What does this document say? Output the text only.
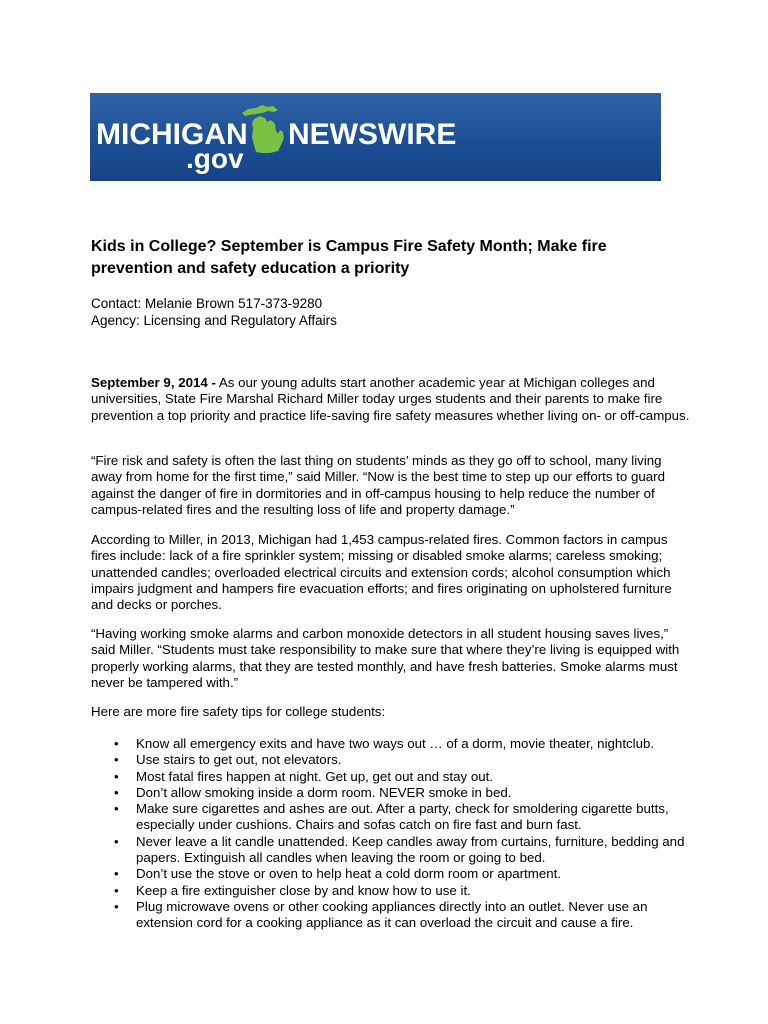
MICHIGAN
.gov
NEWSWIRE
Kids in College? September is Campus Fire Safety Month; Make fire prevention and safety education a priority
Contact: Melanie Brown 517-373-9280
Agency: Licensing and Regulatory Affairs

September 9, 2014 - As our young adults start another academic year at Michigan colleges and universities, State Fire Marshal Richard Miller today urges students and their parents to make fire prevention a top priority and practice life-saving fire safety measures whether living on- or off-campus.

“Fire risk and safety is often the last thing on students’ minds as they go off to school, many living away from home for the first time,” said Miller. “Now is the best time to step up our efforts to guard against the danger of fire in dormitories and in off-campus housing to help reduce the number of campus-related fires and the resulting loss of life and property damage.”

According to Miller, in 2013, Michigan had 1,453 campus-related fires. Common factors in campus fires include: lack of a fire sprinkler system; missing or disabled smoke alarms; careless smoking; unattended candles; overloaded electrical circuits and extension cords; alcohol consumption which impairs judgment and hampers fire evacuation efforts; and fires originating on upholstered furniture and decks or porches.

“Having working smoke alarms and carbon monoxide detectors in all student housing saves lives,” said Miller. “Students must take responsibility to make sure that where they’re living is equipped with properly working alarms, that they are tested monthly, and have fresh batteries. Smoke alarms must never be tampered with.”

Here are more fire safety tips for college students:

• Know all emergency exits and have two ways out … of a dorm, movie theater, nightclub.
• Use stairs to get out, not elevators.
• Most fatal fires happen at night. Get up, get out and stay out.
• Don’t allow smoking inside a dorm room. NEVER smoke in bed.
• Make sure cigarettes and ashes are out. After a party, check for smoldering cigarette butts, especially under cushions. Chairs and sofas catch on fire fast and burn fast.
• Never leave a lit candle unattended. Keep candles away from curtains, furniture, bedding and papers. Extinguish all candles when leaving the room or going to bed.
• Don’t use the stove or oven to help heat a cold dorm room or apartment.
• Keep a fire extinguisher close by and know how to use it.
• Plug microwave ovens or other cooking appliances directly into an outlet. Never use an extension cord for a cooking appliance as it can overload the circuit and cause a fire.
